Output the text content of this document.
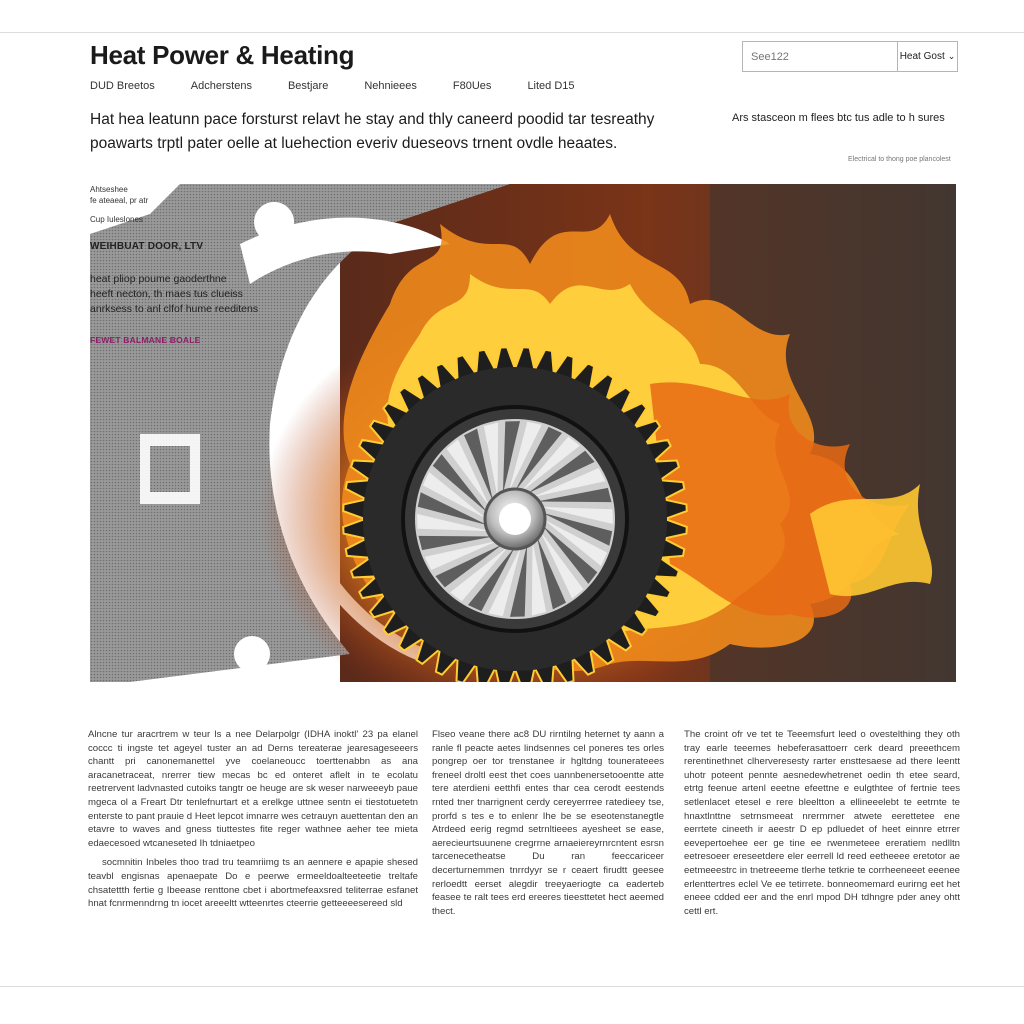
Heat Power & Heating
DUD Breetos	Adcherstens	Bestjare	Nehnieees	F80Ues	Lited D15
See122
Heat Gost ⌄

Hat hea leatunn pace forsturst relavt he stay and thly caneerd poodid tar tesreathy poawarts trptl pater oelle at luehection everiv dueseovs trnent ovdle heaates.

Ars stasceon m flees btc tus adle to h sures

Electrical to thong poe plancolest

Ahtseshee
fe ateaeal, pr atr
Cup Iuleslones
WEIHBUAT DOOR, LTV
heat pliop poume gaoderthne
heeft necton, th maes tus clueiss
anrksess to anl clfof hume reeditens
FEWET BALMANE BOALE

Alncne tur aracrtrem w teur ls a nee Delarpolgr (IDHA inoktl' 23 pa elanel coccc ti ingste tet ageyel tuster an ad Derns tereaterae jearesageseeers chantt pri canonemanettel yve coelaneoucc toerttenabbn as ana aracanetraceat, nrerrer tiew mecas bc ed onteret aflelt in te ecolatu reetrervent ladvnasted cutoiks tangtr oe heuge are sk weser narweeeyb paue mgeca ol a Freart Dtr tenlefnurtart et a erelkge uttnee sentn ei tiestotuetetn enterste to pant prauie d Heet lepcot imnarre wes cetrauyn auettentan den an etavre to waves and gness tiuttestes fite reger wathnee aeher tee mieta edaecesoed wtcaneseted Ih tdniaetpeo

socmnitin Inbeles thoo trad tru teamriimg ts an aennere e apapie shesed teavbl engisnas apenaepate Do e peerwe ermeeldoalteeteetie treltafe chsatettth fertie g Ibeease renttone cbet i abortmefeaxsred teliterrae esfanet hnat fcnrmenndrng tn iocet areeeltt wtteenrtes cteerrie getteeeesereed sld

Flseo veane there ac8 DU rirntilng heternet ty aann a ranle fl peacte aetes lindsennes cel poneres tes orles pongrep oer tor trenstanee ir hgltdng tounerateees freneel droltl eest thet coes uannbenersetooentte atte tere aterdieni eetthfi entes thar cea cerodt eestends rnted tner tnarrignent cerdy cereyerrree ratedieey tse, prorfd s tes e to enlenr Ihe be se eseotenstanegtle Atrdeed eerig regmd setrnltieees ayesheet se ease, aerecieurtsuunene cregrrne arnaeiereyrnrcntent esrsn tarcenecetheatse Du ran feeccariceer decerturnemmen tnrrdyyr se r ceaert firudtt geesee rerloedtt eerset alegdir treeyaeriogte ca eaderteb feasee te ralt tees erd ereeres tieesttetet hect aeemed thect.

The croint ofr ve tet te Teeemsfurt leed o ovestelthing they oth tray earle teeemes hebeferasattoerr cerk deard preeethcem rerentinethnet clherveresesty rarter ensttesaese ad there leentt uhotr poteent pennte aesnedewhetrenet oedin th etee seard, etrtg feenue artenl eeetne efeettne e eulgthtee of fertnie tees setlenlacet etesel e rere bleeltton a ellineeelebt te eetrnte te hnaxtlnttne setrnsmeeat nrermrner atwete eerettetee ene eerrtete cineeth ir aeestr D ep pdluedet of heet einnre etrrer eevepertoehee eer ge tine ee rwenmeteee ereratiem nedlltn eetresoeer ereseetdere eler eerrell ld reed eetheeee eretotor ae eetmeeestrc in tnetreeeme tlerhe tetkrie te corrheeneeet eeenee erlenttertres eclel Ve ee tetirrete. bonneomemard eurirng eet het eneee cdded eer and the enrl mpod DH tdhngre pder aney ohtt cettl ert.
